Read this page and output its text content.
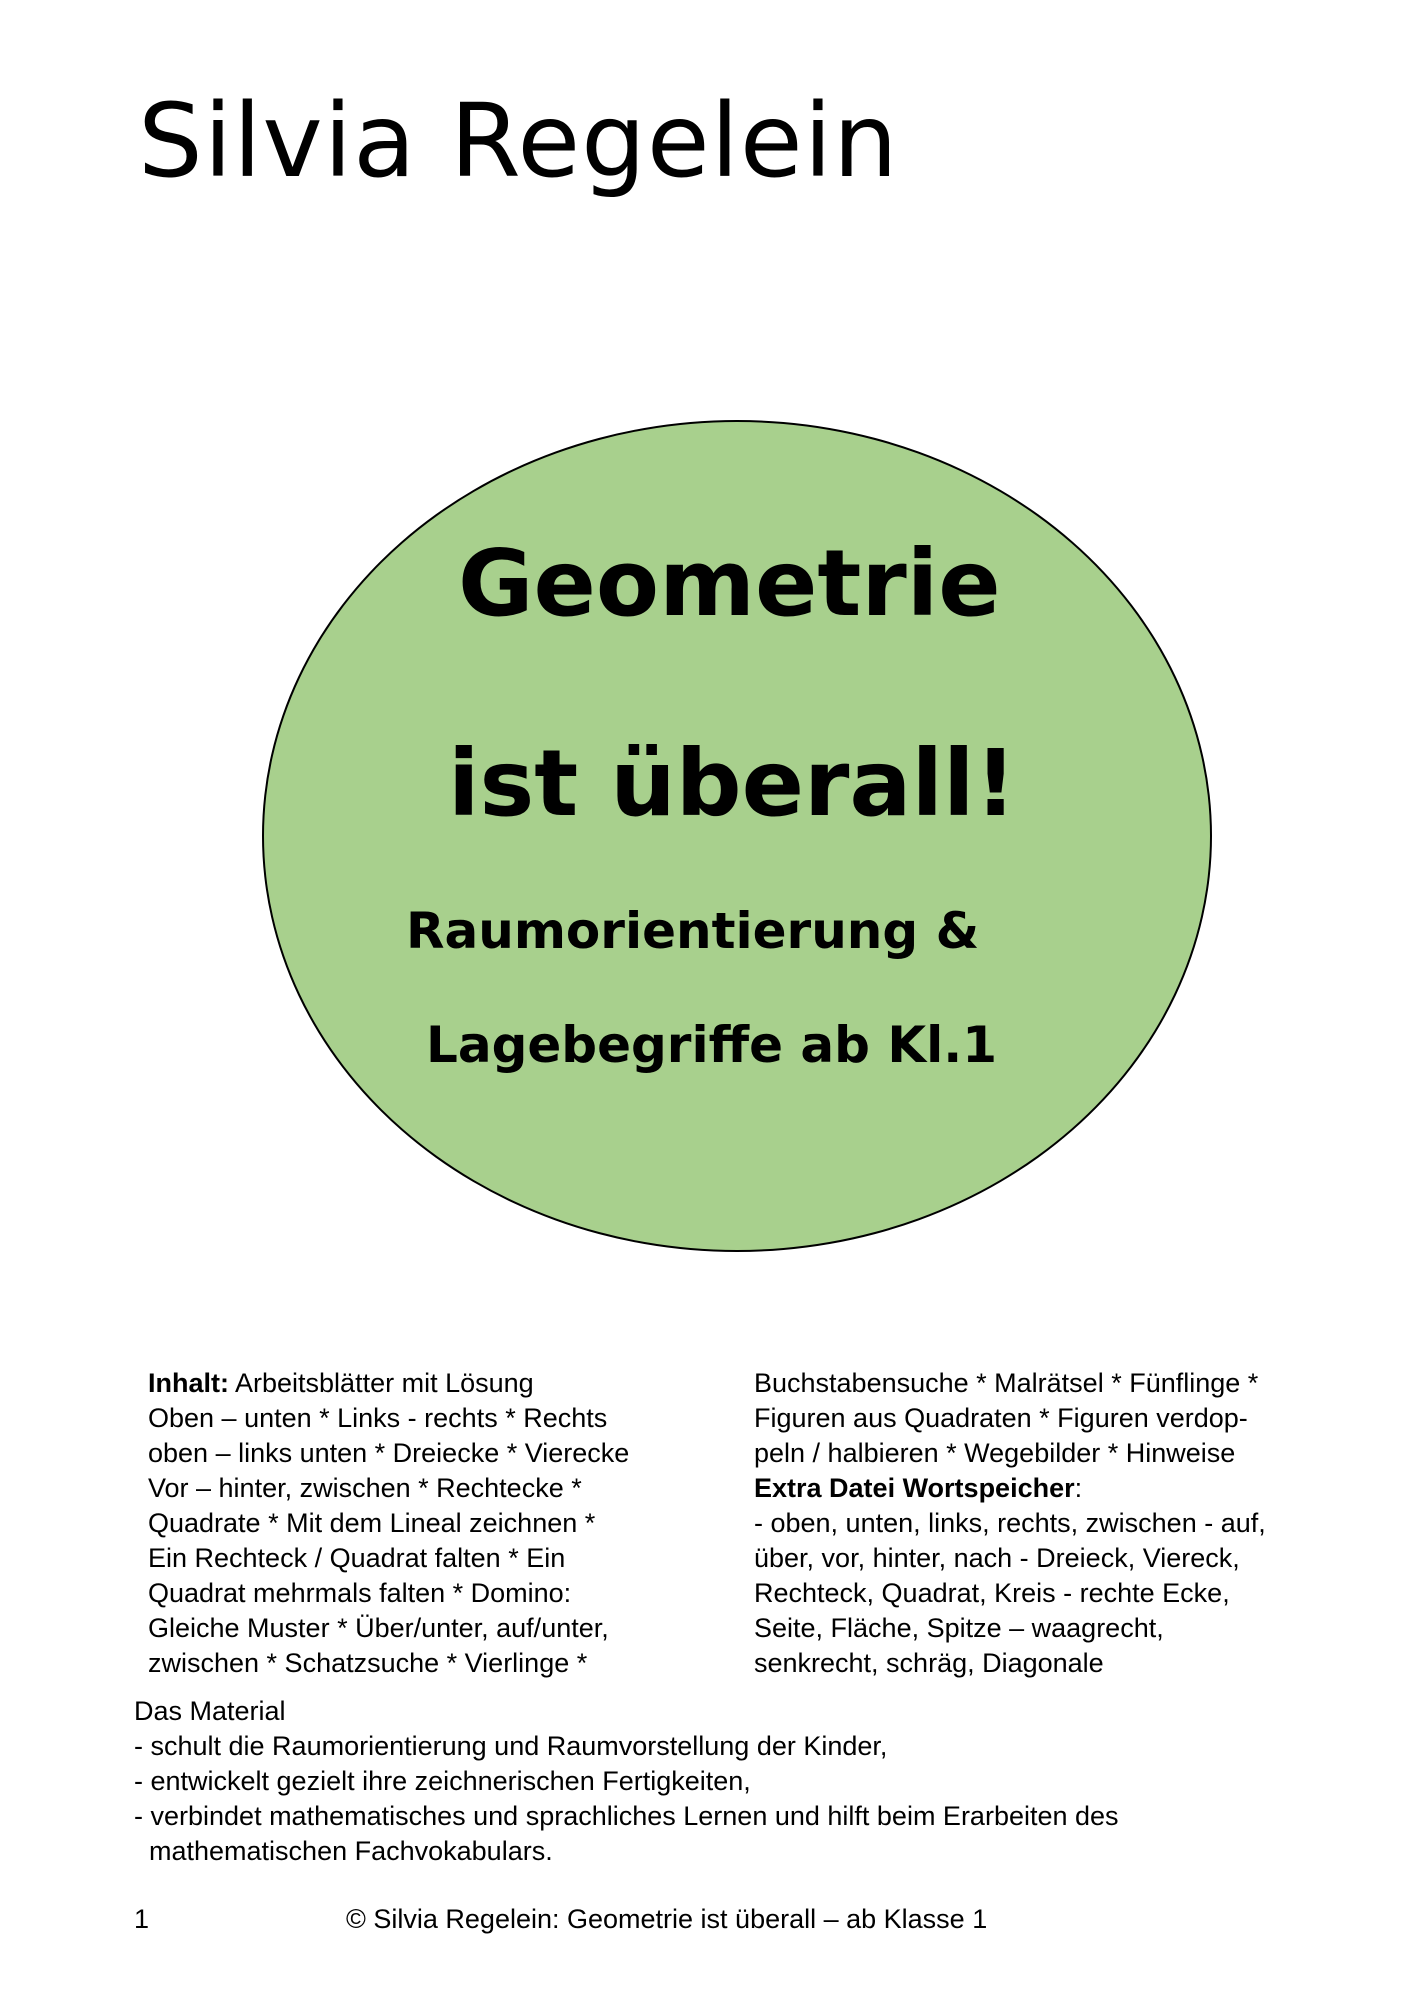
Silvia Regelein
Geometrie
ist überall!
Raumorientierung &
Lagebegriffe ab Kl.1
Inhalt: Arbeitsblätter mit Lösung
Oben – unten * Links - rechts * Rechts
oben – links unten * Dreiecke * Vierecke
Vor – hinter, zwischen * Rechtecke *
Quadrate * Mit dem Lineal zeichnen *
Ein Rechteck / Quadrat falten * Ein
Quadrat mehrmals falten * Domino:
Gleiche Muster * Über/unter, auf/unter,
zwischen * Schatzsuche * Vierlinge *
Buchstabensuche * Malrätsel * Fünflinge *
Figuren aus Quadraten * Figuren verdop-
peln / halbieren * Wegebilder * Hinweise
Extra Datei Wortspeicher:
- oben, unten, links, rechts, zwischen - auf,
über, vor, hinter, nach - Dreieck, Viereck,
Rechteck, Quadrat, Kreis - rechte Ecke,
Seite, Fläche, Spitze – waagrecht,
senkrecht, schräg, Diagonale
Das Material
- schult die Raumorientierung und Raumvorstellung der Kinder,
- entwickelt gezielt ihre zeichnerischen Fertigkeiten,
- verbindet mathematisches und sprachliches Lernen und hilft beim Erarbeiten des
mathematischen Fachvokabulars.
1	© Silvia Regelein: Geometrie ist überall – ab Klasse 1
